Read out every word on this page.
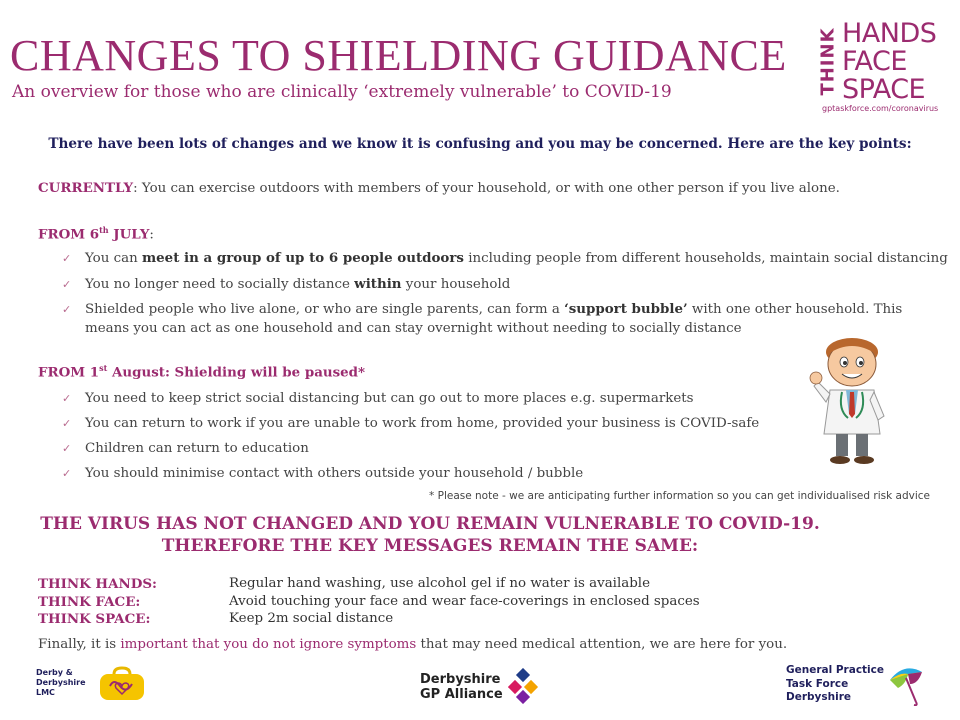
CHANGES TO SHIELDING GUIDANCE
An overview for those who are clinically ‘extremely vulnerable’ to COVID-19	THINK HANDS
FACE
SPACE
gptaskforce.com/coronavirus
There have been lots of changes and we know it is confusing and you may be concerned. Here are the key points:
CURRENTLY: You can exercise outdoors with members of your household, or with one other person if you live alone.
FROM 6th JULY:
✓ You can meet in a group of up to 6 people outdoors including people from different households, maintain social distancing
✓ You no longer need to socially distance within your household
✓ Shielded people who live alone, or who are single parents, can form a ‘support bubble’ with one other household. This
means you can act as one household and can stay overnight without needing to socially distance
FROM 1st August: Shielding will be paused*
✓ You need to keep strict social distancing but can go out to more places e.g. supermarkets
✓ You can return to work if you are unable to work from home, provided your business is COVID-safe
✓ Children can return to education
✓ You should minimise contact with others outside your household / bubble
* Please note - we are anticipating further information so you can get individualised risk advice
THE VIRUS HAS NOT CHANGED AND YOU REMAIN VULNERABLE TO COVID-19.
THEREFORE THE KEY MESSAGES REMAIN THE SAME:
THINK HANDS:	Regular hand washing, use alcohol gel if no water is available
THINK FACE:	Avoid touching your face and wear face-coverings in enclosed spaces
THINK SPACE:	Keep 2m social distance
Finally, it is important that you do not ignore symptoms that may need medical attention, we are here for you.
Derby &
Derbyshire
LMC
Derbyshire
GP Alliance
General Practice
Task Force
Derbyshire
